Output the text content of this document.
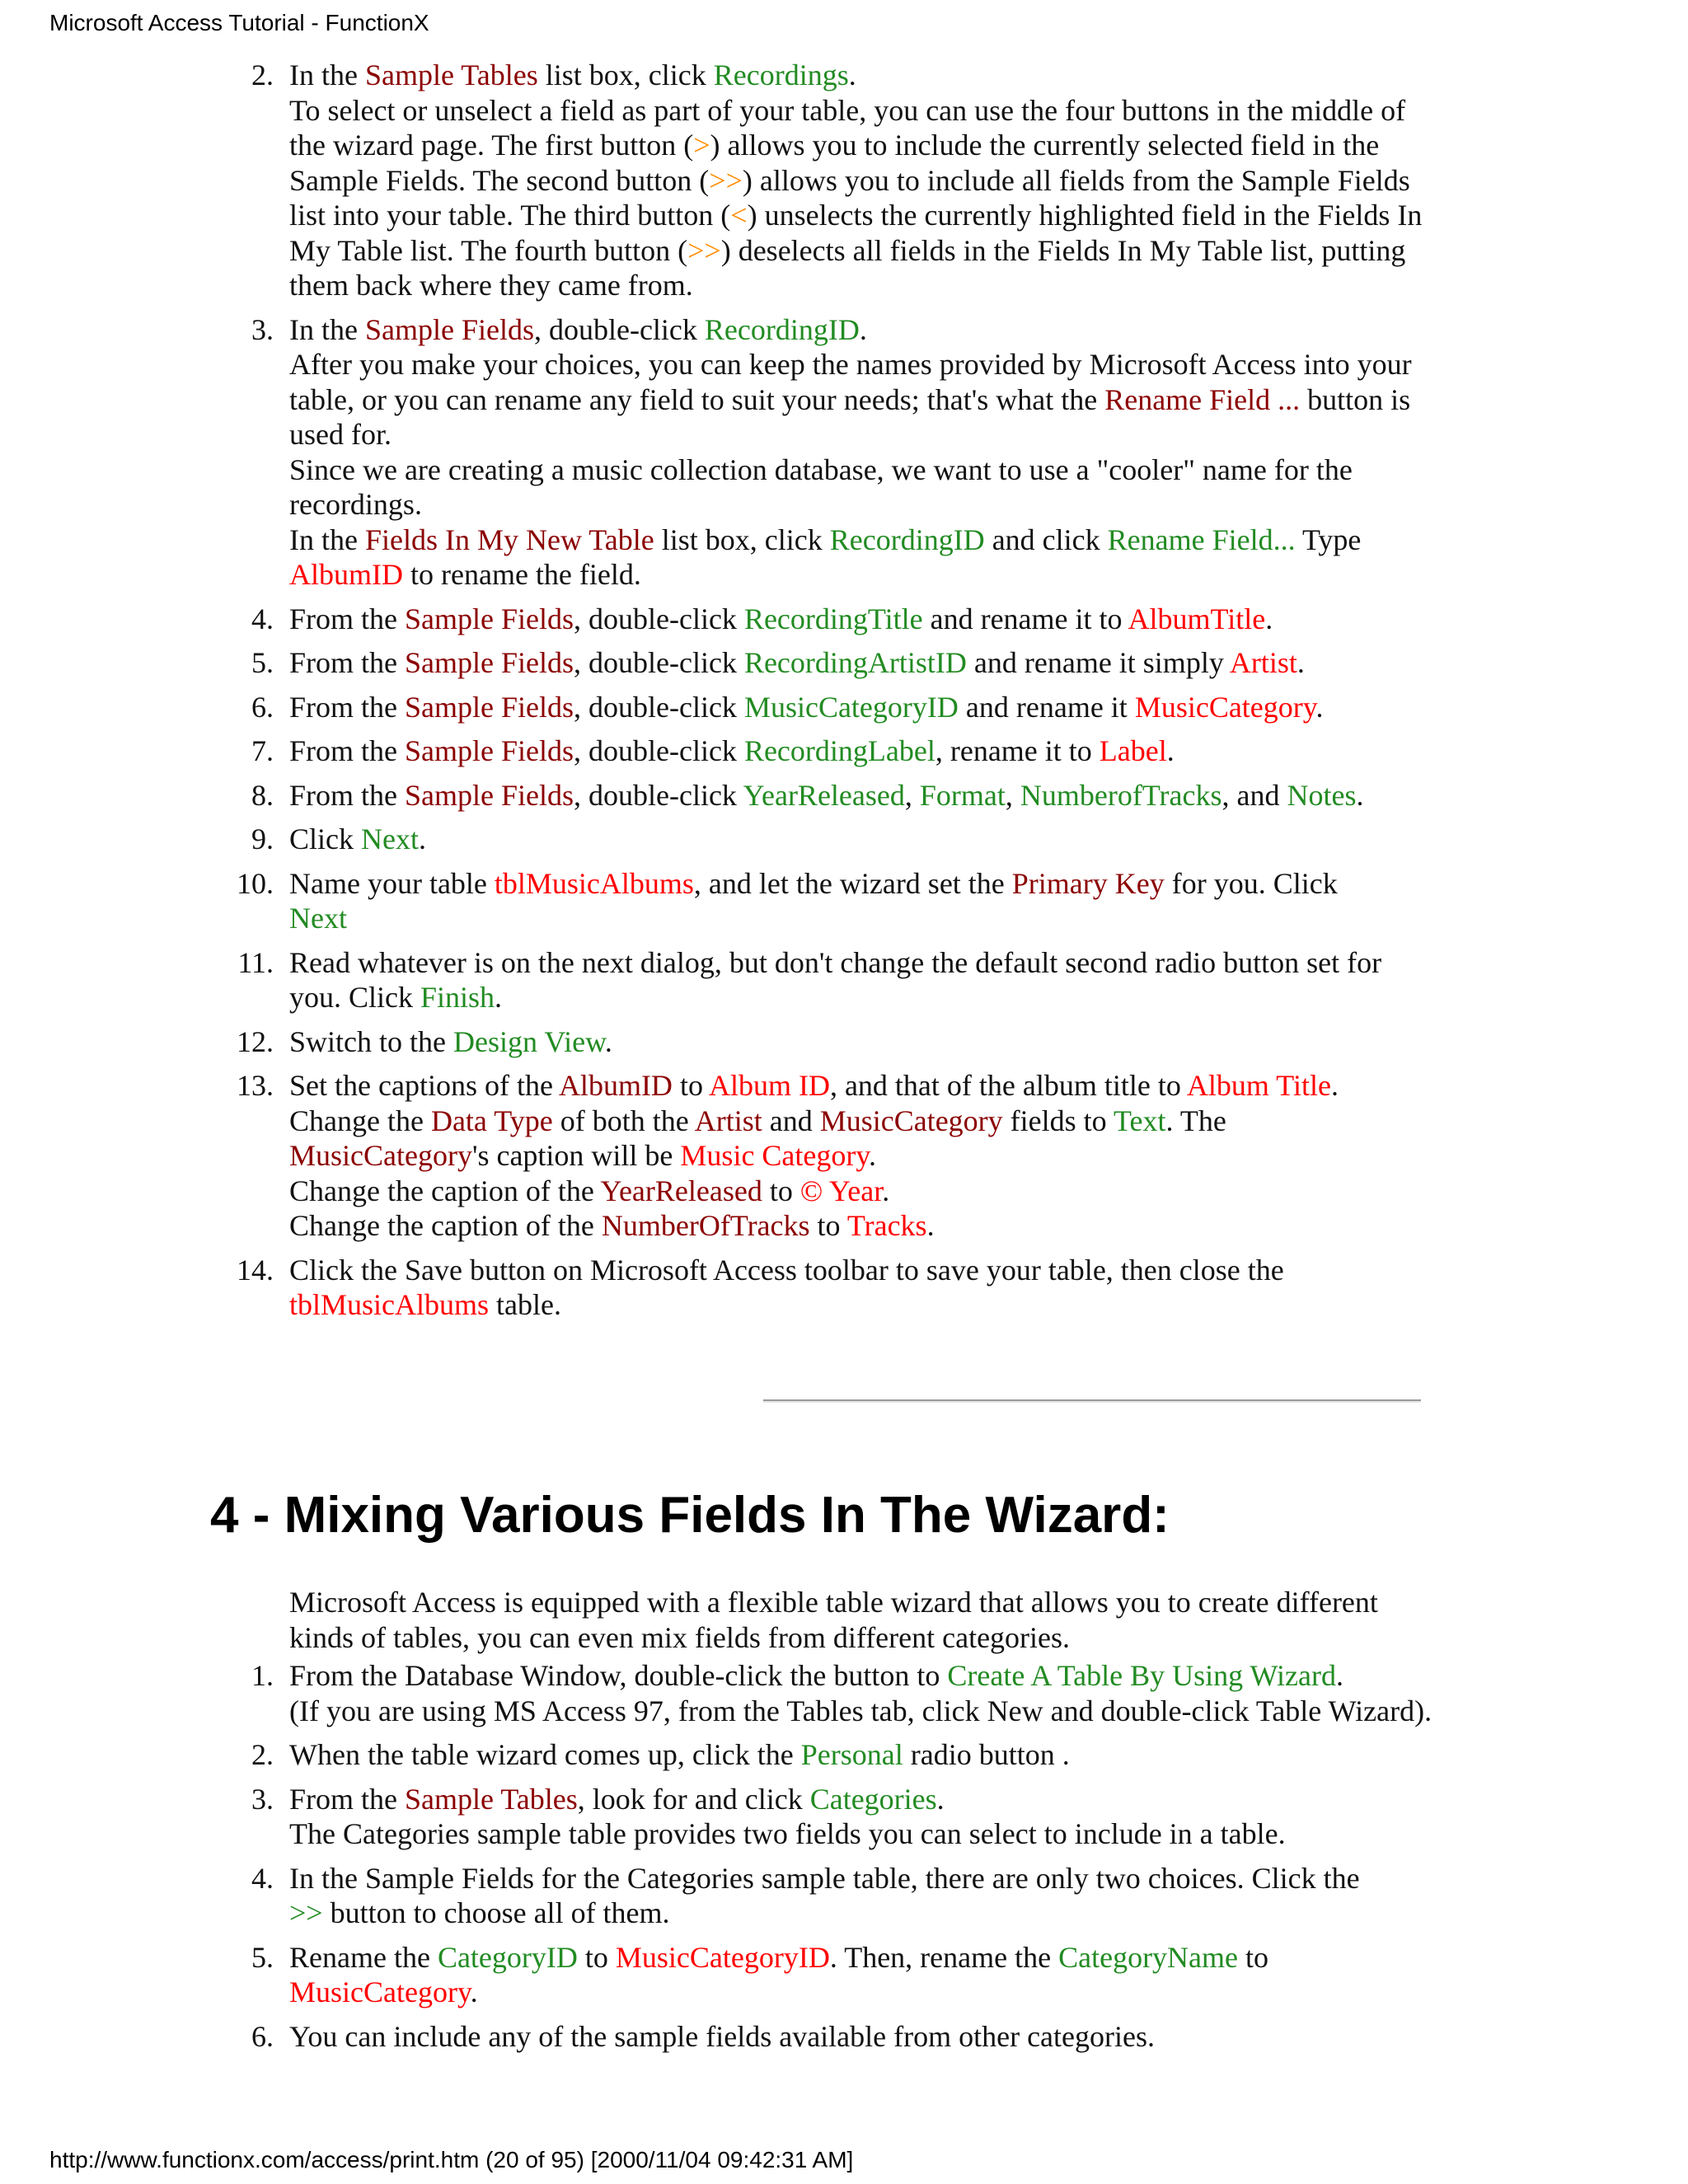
Microsoft Access Tutorial - FunctionX
2. In the Sample Tables list box, click Recordings.
To select or unselect a field as part of your table, you can use the four buttons in the middle of the wizard page. The first button (>) allows you to include the currently selected field in the Sample Fields. The second button (>>) allows you to include all fields from the Sample Fields list into your table. The third button (<) unselects the currently highlighted field in the Fields In My Table list. The fourth button (>>) deselects all fields in the Fields In My Table list, putting them back where they came from.
3. In the Sample Fields, double-click RecordingID.
After you make your choices, you can keep the names provided by Microsoft Access into your table, or you can rename any field to suit your needs; that's what the Rename Field ... button is used for.
Since we are creating a music collection database, we want to use a "cooler" name for the recordings.
In the Fields In My New Table list box, click RecordingID and click Rename Field... Type AlbumID to rename the field.
4. From the Sample Fields, double-click RecordingTitle and rename it to AlbumTitle.
5. From the Sample Fields, double-click RecordingArtistID and rename it simply Artist.
6. From the Sample Fields, double-click MusicCategoryID and rename it MusicCategory.
7. From the Sample Fields, double-click RecordingLabel, rename it to Label.
8. From the Sample Fields, double-click YearReleased, Format, NumberofTracks, and Notes.
9. Click Next.
10. Name your table tblMusicAlbums, and let the wizard set the Primary Key for you. Click
Next
11. Read whatever is on the next dialog, but don't change the default second radio button set for you. Click Finish.
12. Switch to the Design View.
13. Set the captions of the AlbumID to Album ID, and that of the album title to Album Title.
Change the Data Type of both the Artist and MusicCategory fields to Text. The
MusicCategory's caption will be Music Category.
Change the caption of the YearReleased to © Year.
Change the caption of the NumberOfTracks to Tracks.
14. Click the Save button on Microsoft Access toolbar to save your table, then close the
tblMusicAlbums table.
4 - Mixing Various Fields In The Wizard:
Microsoft Access is equipped with a flexible table wizard that allows you to create different kinds of tables, you can even mix fields from different categories.
1. From the Database Window, double-click the button to Create A Table By Using Wizard.
(If you are using MS Access 97, from the Tables tab, click New and double-click Table Wizard).
2. When the table wizard comes up, click the Personal radio button .
3. From the Sample Tables, look for and click Categories.
The Categories sample table provides two fields you can select to include in a table.
4. In the Sample Fields for the Categories sample table, there are only two choices. Click the
>> button to choose all of them.
5. Rename the CategoryID to MusicCategoryID. Then, rename the CategoryName to
MusicCategory.
6. You can include any of the sample fields available from other categories.
http://www.functionx.com/access/print.htm (20 of 95) [2000/11/04 09:42:31 AM]
